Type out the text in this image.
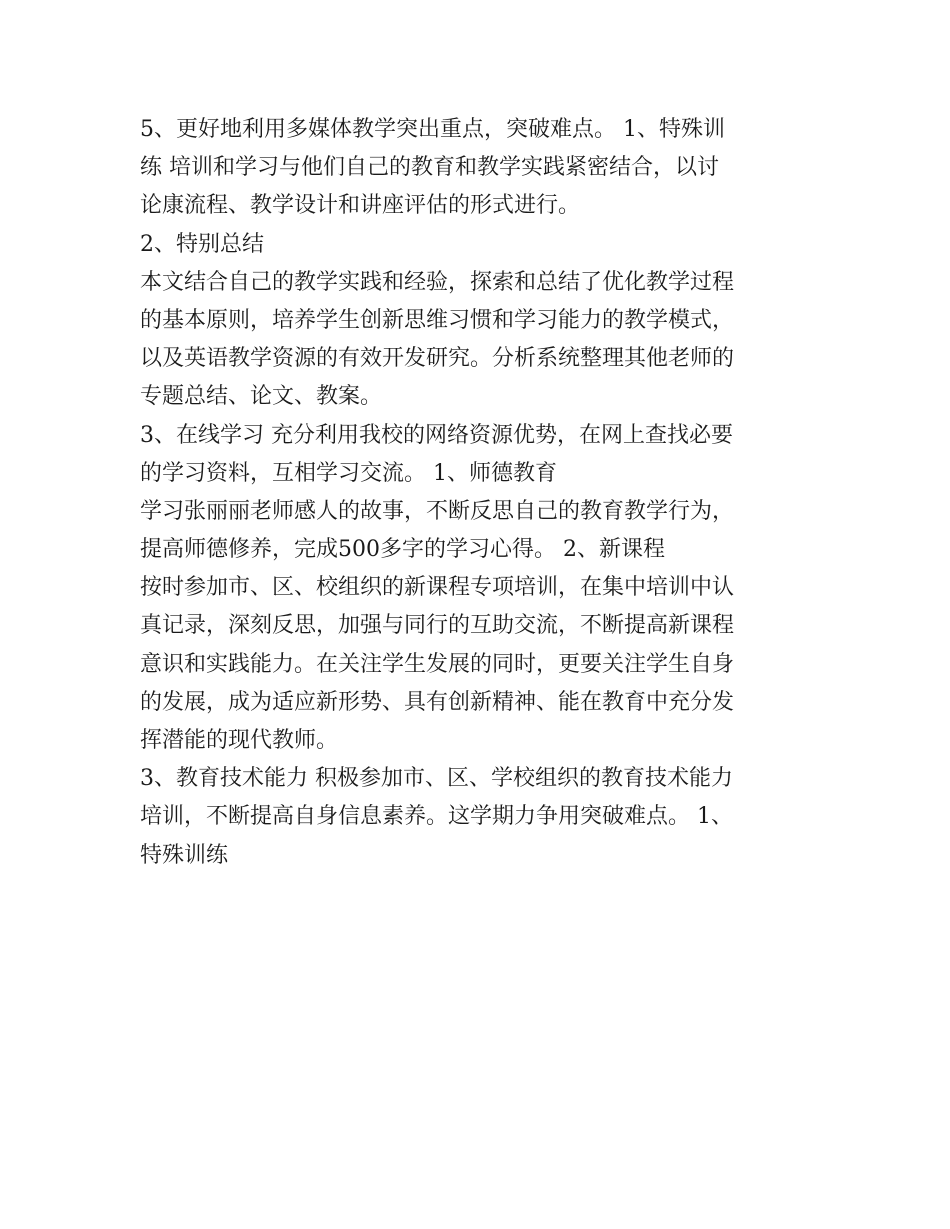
5、更好地利用多媒体教学突出重点，突破难点。 1、特殊训
练 培训和学习与他们自己的教育和教学实践紧密结合，以讨
论康流程、教学设计和讲座评估的形式进行。
2、特别总结
本文结合自己的教学实践和经验，探索和总结了优化教学过程
的基本原则，培养学生创新思维习惯和学习能力的教学模式，
以及英语教学资源的有效开发研究。分析系统整理其他老师的
专题总结、论文、教案。
3、在线学习 充分利用我校的网络资源优势，在网上查找必要
的学习资料，互相学习交流。 1、师德教育
学习张丽丽老师感人的故事，不断反思自己的教育教学行为，
提高师德修养，完成500多字的学习心得。 2、新课程
按时参加市、区、校组织的新课程专项培训，在集中培训中认
真记录，深刻反思，加强与同行的互助交流，不断提高新课程
意识和实践能力。在关注学生发展的同时，更要关注学生自身
的发展，成为适应新形势、具有创新精神、能在教育中充分发
挥潜能的现代教师。
3、教育技术能力 积极参加市、区、学校组织的教育技术能力
培训，不断提高自身信息素养。这学期力争用突破难点。 1、
特殊训练
